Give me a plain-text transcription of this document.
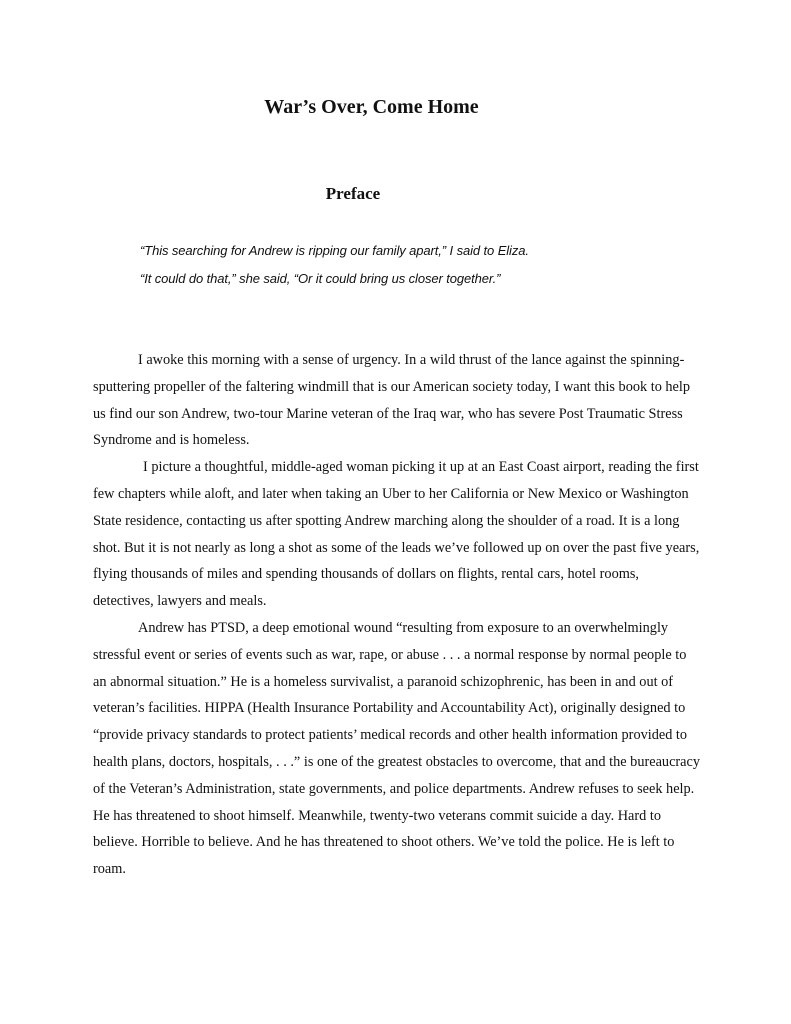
War’s Over, Come Home
Preface

“This searching for Andrew is ripping our family apart,” I said to Eliza.

“It could do that,” she said, “Or it could bring us closer together.”

I awoke this morning with a sense of urgency. In a wild thrust of the lance against the spinning-sputtering propeller of the faltering windmill that is our American society today, I want this book to help us find our son Andrew, two-tour Marine veteran of the Iraq war, who has severe Post Traumatic Stress Syndrome and is homeless.

I picture a thoughtful, middle-aged woman picking it up at an East Coast airport, reading the first few chapters while aloft, and later when taking an Uber to her California or New Mexico or Washington State residence, contacting us after spotting Andrew marching along the shoulder of a road. It is a long shot. But it is not nearly as long a shot as some of the leads we’ve followed up on over the past five years, flying thousands of miles and spending thousands of dollars on flights, rental cars, hotel rooms, detectives, lawyers and meals.

Andrew has PTSD, a deep emotional wound “resulting from exposure to an overwhelmingly stressful event or series of events such as war, rape, or abuse . . . a normal response by normal people to an abnormal situation.” He is a homeless survivalist, a paranoid schizophrenic, has been in and out of veteran’s facilities. HIPPA (Health Insurance Portability and Accountability Act), originally designed to “provide privacy standards to protect patients’ medical records and other health information provided to health plans, doctors, hospitals, . . .” is one of the greatest obstacles to overcome, that and the bureaucracy of the Veteran’s Administration, state governments, and police departments. Andrew refuses to seek help. He has threatened to shoot himself. Meanwhile, twenty-two veterans commit suicide a day. Hard to believe. Horrible to believe. And he has threatened to shoot others. We’ve told the police. He is left to roam.
